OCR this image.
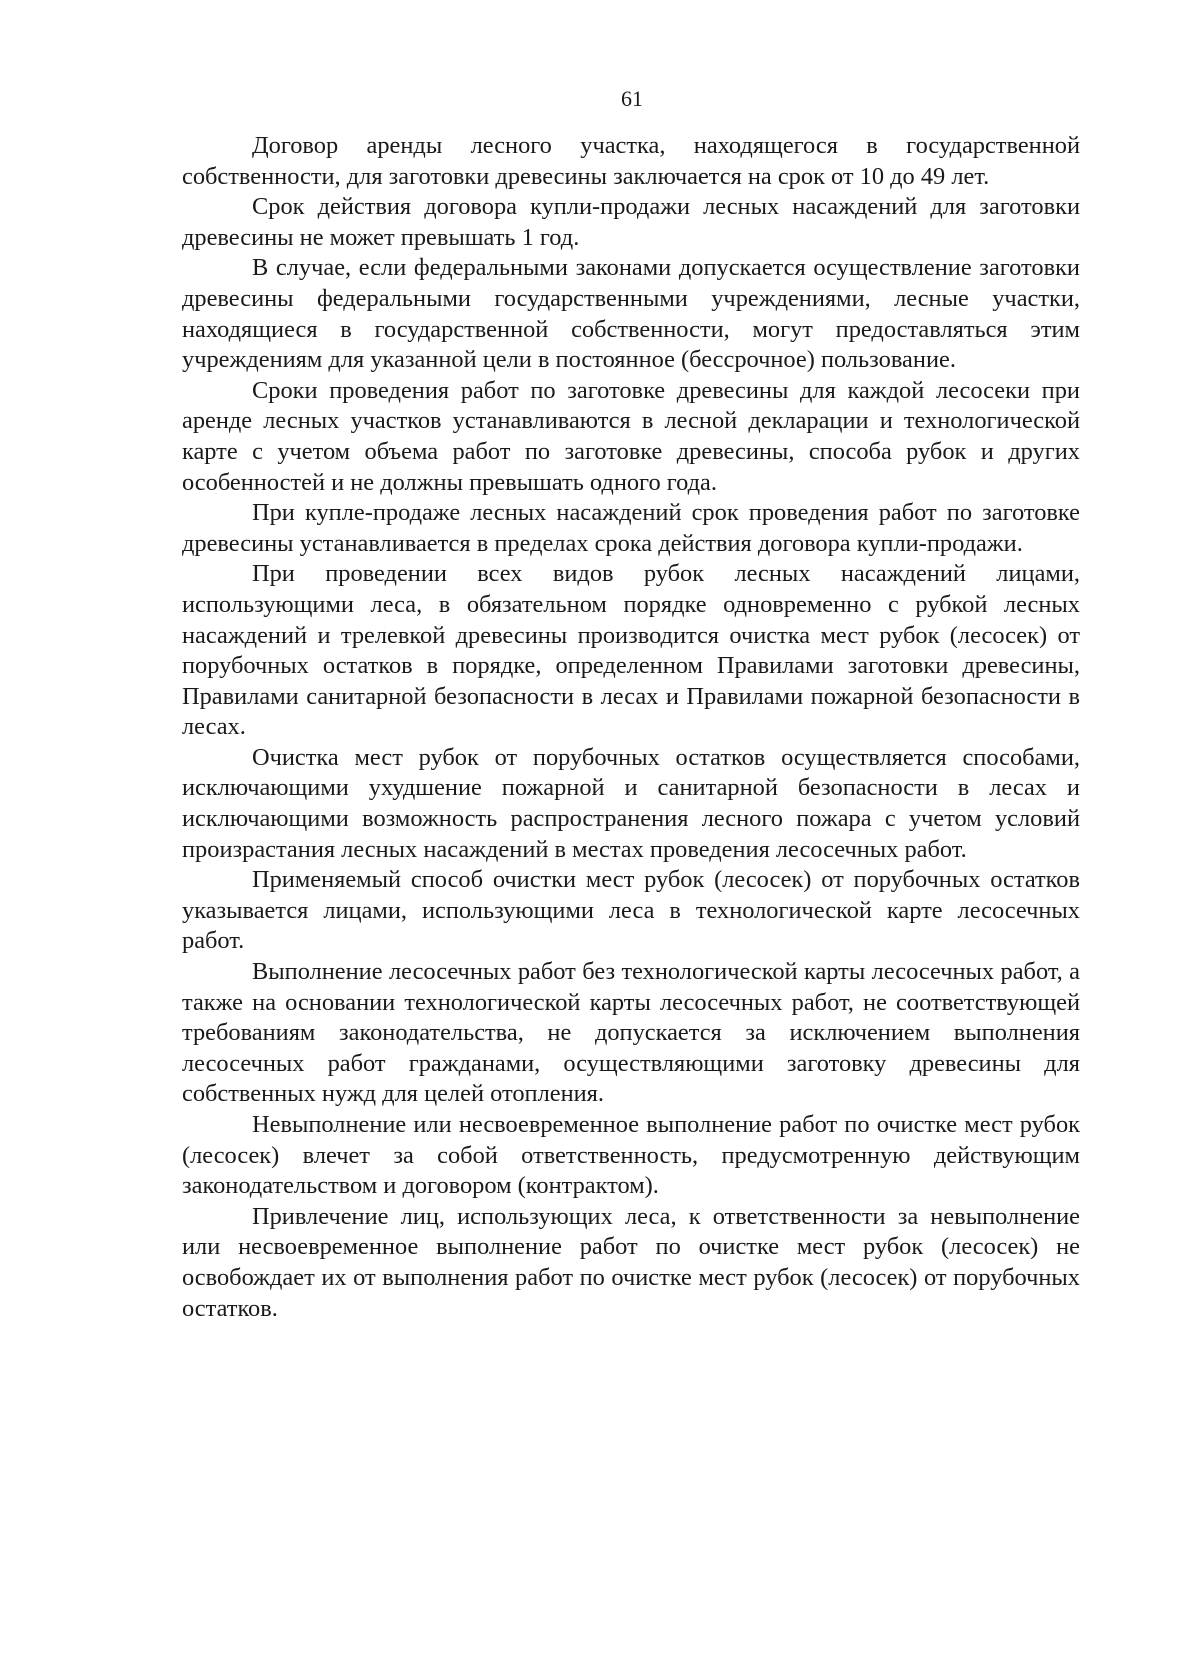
61

Договор аренды лесного участка, находящегося в государственной собственности, для заготовки древесины заключается на срок от 10 до 49 лет.

Срок действия договора купли-продажи лесных насаждений для заготовки древесины не может превышать 1 год.

В случае, если федеральными законами допускается осуществление заготовки древесины федеральными государственными учреждениями, лесные участки, находящиеся в государственной собственности, могут предоставляться этим учреждениям для указанной цели в постоянное (бессрочное) пользование.

Сроки проведения работ по заготовке древесины для каждой лесосеки при аренде лесных участков устанавливаются в лесной декларации и технологической карте с учетом объема работ по заготовке древесины, способа рубок и других особенностей и не должны превышать одного года.

При купле-продаже лесных насаждений срок проведения работ по заготовке древесины устанавливается в пределах срока действия договора купли-продажи.

При проведении всех видов рубок лесных насаждений лицами, использующими леса, в обязательном порядке одновременно с рубкой лесных насаждений и трелевкой древесины производится очистка мест рубок (лесосек) от порубочных остатков в порядке, определенном Правилами заготовки древесины, Правилами санитарной безопасности в лесах и Правилами пожарной безопасности в лесах.

Очистка мест рубок от порубочных остатков осуществляется способами, исключающими ухудшение пожарной и санитарной безопасности в лесах и исключающими возможность распространения лесного пожара с учетом условий произрастания лесных насаждений в местах проведения лесосечных работ.

Применяемый способ очистки мест рубок (лесосек) от порубочных остатков указывается лицами, использующими леса в технологической карте лесосечных работ.

Выполнение лесосечных работ без технологической карты лесосечных работ, а также на основании технологической карты лесосечных работ, не соответствующей требованиям законодательства, не допускается за исключением выполнения лесосечных работ гражданами, осуществляющими заготовку древесины для собственных нужд для целей отопления.

Невыполнение или несвоевременное выполнение работ по очистке мест рубок (лесосек) влечет за собой ответственность, предусмотренную действующим законодательством и договором (контрактом).

Привлечение лиц, использующих леса, к ответственности за невыполнение или несвоевременное выполнение работ по очистке мест рубок (лесосек) не освобождает их от выполнения работ по очистке мест рубок (лесосек) от порубочных остатков.
